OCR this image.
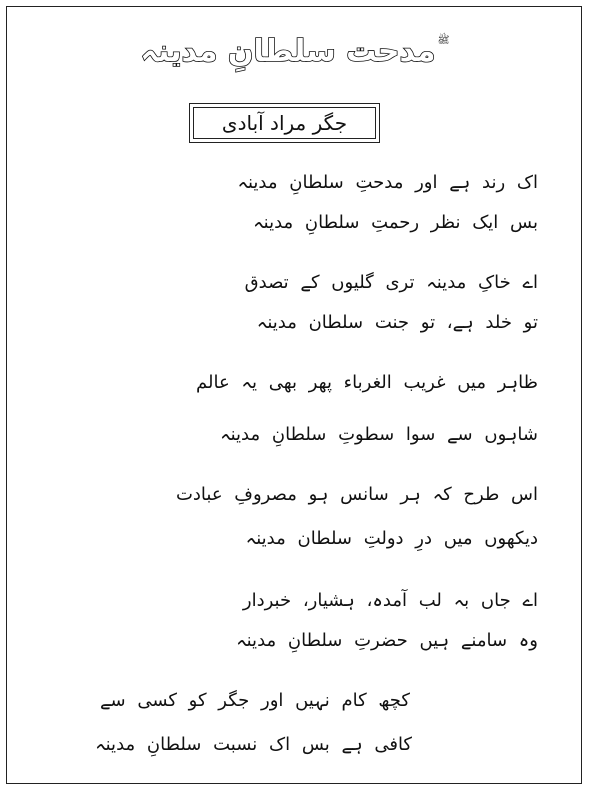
$^ﷺ$مدحت سلطانِ مدینہ
جگر مراد آبادی
اک رند ہے اور مدحتِ سلطانِ مدینہ
بس ایک نظر رحمتِ سلطانِ مدینہ
اے خاکِ مدینہ تری گلیوں کے تصدق
تو خلد ہے، تو جنت سلطان مدینہ
ظاہر میں غریب الغرباء پھر بھی یہ عالم
شاہوں سے سوا سطوتِ سلطانِ مدینہ
اس طرح کہ ہر سانس ہو مصروفِ عبادت
دیکھوں میں درِ دولتِ سلطان مدینہ
اے جاں بہ لب آمدہ، ہشیار، خبردار
وہ سامنے ہیں حضرتِ سلطانِ مدینہ
کچھ کام نہیں اور جگر کو کسی سے
کافی ہے بس اک نسبت سلطانِ مدینہ
